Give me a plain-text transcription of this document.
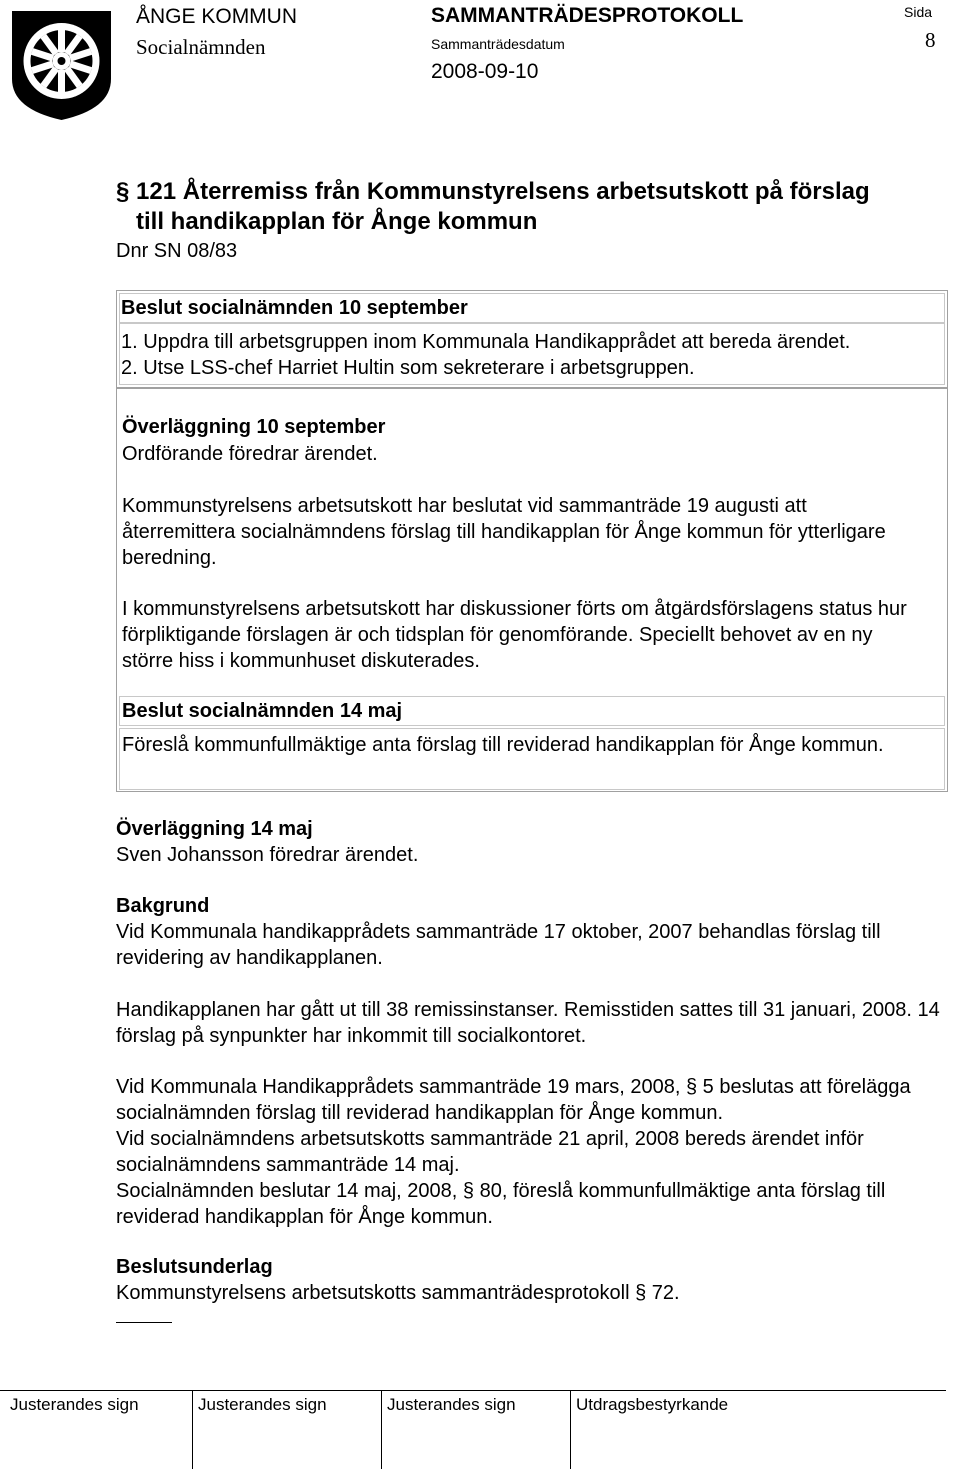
ÅNGE KOMMUN
Socialnämnden
SAMMANTRÄDESPROTOKOLL
Sammanträdesdatum
2008-09-10
Sida
8
§ 121 Återremiss från Kommunstyrelsens arbetsutskott på förslag
till handikapplan för Ånge kommun
Dnr SN 08/83
Beslut socialnämnden 10 september
1. Uppdra till arbetsgruppen inom Kommunala Handikapprådet att bereda ärendet.
2. Utse LSS-chef Harriet Hultin som sekreterare i arbetsgruppen.
Överläggning 10 september
Ordförande föredrar ärendet.

Kommunstyrelsens arbetsutskott har beslutat vid sammanträde 19 augusti att återremittera socialnämndens förslag till handikapplan för Ånge kommun för ytterligare beredning.

I kommunstyrelsens arbetsutskott har diskussioner förts om åtgärdsförslagens status hur förpliktigande förslagen är och tidsplan för genomförande. Speciellt behovet av en ny större hiss i kommunhuset diskuterades.

Beslut socialnämnden 14 maj

Föreslå kommunfullmäktige anta förslag till reviderad handikapplan för Ånge kommun.

Överläggning 14 maj
Sven Johansson föredrar ärendet.
Bakgrund

Vid Kommunala handikapprådets sammanträde 17 oktober, 2007 behandlas förslag till revidering av handikapplanen.

Handikapplanen har gått ut till 38 remissinstanser. Remisstiden sattes till 31 januari, 2008. 14 förslag på synpunkter har inkommit till socialkontoret.

Vid Kommunala Handikapprådets sammanträde 19 mars, 2008, § 5 beslutas att förelägga socialnämnden förslag till reviderad handikapplan för Ånge kommun.

Vid socialnämndens arbetsutskotts sammanträde 21 april, 2008 bereds ärendet inför socialnämndens sammanträde 14 maj.

Socialnämnden beslutar 14 maj, 2008, § 80, föreslå kommunfullmäktige anta förslag till reviderad handikapplan för Ånge kommun.

Beslutsunderlag
Kommunstyrelsens arbetsutskotts sammanträdesprotokoll § 72.
Justerandes sign	Justerandes sign	Justerandes sign	Utdragsbestyrkande
